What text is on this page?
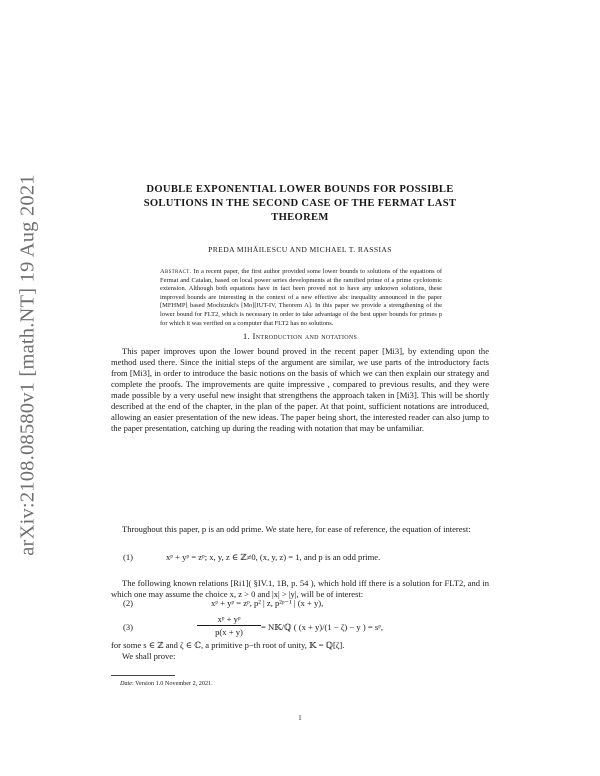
arXiv:2108.08580v1 [math.NT] 19 Aug 2021	DOUBLE EXPONENTIAL LOWER BOUNDS FOR POSSIBLE
SOLUTIONS IN THE SECOND CASE OF THE FERMAT LAST
THEOREM
PREDA MIHĂILESCU AND MICHAEL T. RASSIAS
Abstract. In a recent paper, the first author provided some lower bounds to solutions of the equations of Fermat and Catalan, based on local power series developments at the ramified prime of a prime cyclotomic extension. Although both equations have in fact been proved not to have any unknown solutions, these improved bounds are interesting in the context of a new effective abc inequality announced in the paper [MFHMP] based Mochizuki's [Mo][IUT-IV, Theorem A]. In this paper we provide a strengthening of the lower bound for FLT2, which is necessary in order to take advantage of the best upper bounds for primes p for which it was verified on a computer that FLT2 has no solutions.
1. Introduction and notations
This paper improves upon the lower bound proved in the recent paper [Mi3], by extending upon the method used there. Since the initial steps of the argument are similar, we use parts of the introductory facts from [Mi3], in order to introduce the basic notions on the basis of which we can then explain our strategy and complete the proofs. The improvements are quite impressive , compared to previous results, and they were made possible by a very useful new insight that strengthens the approach taken in [Mi3]. This will be shortly described at the end of the chapter, in the plan of the paper. At that point, sufficient notations are introduced, allowing an easier presentation of the new ideas. The paper being short, the interested reader can also jump to the paper presentation, catching up during the reading with notation that may be unfamiliar.
Throughout this paper, p is an odd prime. We state here, for ease of reference, the equation of interest:
(1)	xᵖ + yᵖ = zᵖ; x, y, z ∈ ℤ≠0, (x, y, z) = 1, and p is an odd prime.
The following known relations [Ri1]( §IV.1, 1B, p. 54 ), which hold iff there is a solution for FLT2, and in which one may assume the choice x, z > 0 and |x| > |y|, will be of interest:
(2)	xᵖ + yᵖ = zᵖ, p² | z, p²ᵖ⁻¹ | (x + y),
(3)	$\frac{\text{xᵖ + yᵖ}}{p(x + y)}$ = N𝕂/ℚ ( (x + y)/(1 − ζ) − y ) = sᵖ,
for some s ∈ ℤ and ζ ∈ ℂ, a primitive p−th root of unity, 𝕂 = ℚ[ζ].
We shall prove:
Date: Version 1.0 November 2, 2021.
1
